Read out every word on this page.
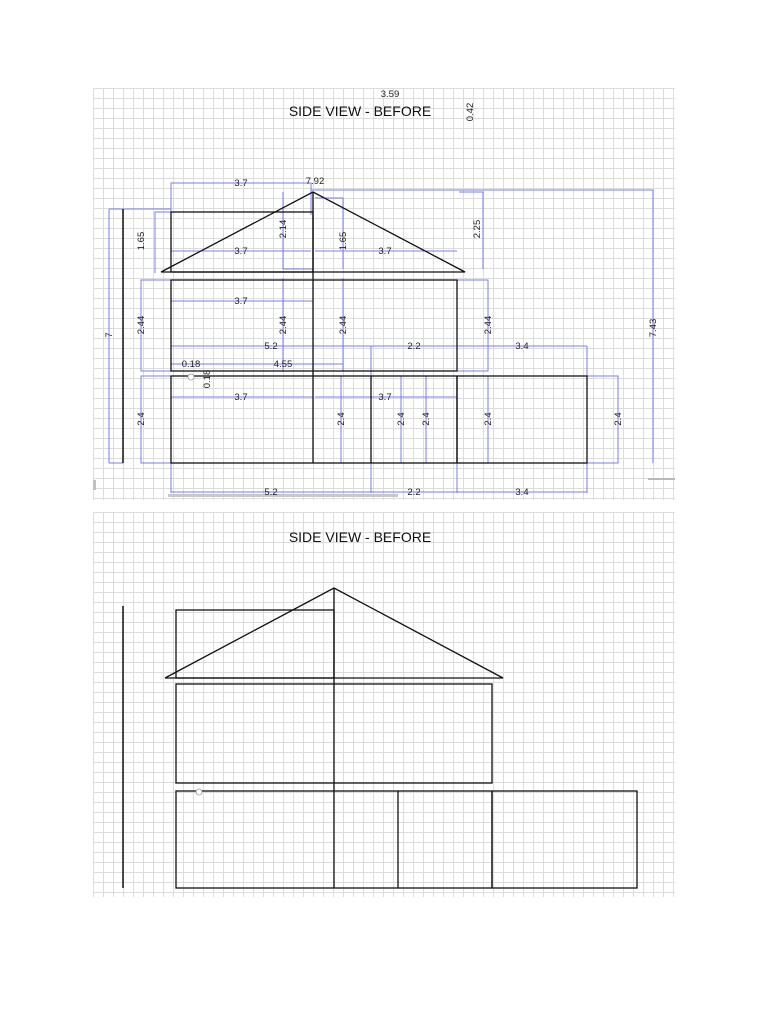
SIDE VIEW - BEFORE
3.59
0.42
3.7	7.92
1.65
2.14
1.65
2.25
3.7	3.7
3.7
7
2.44	2.44	2.44	2.44	7.43
5.2	2.2	3.4
0.18
0.18
4.55
3.7	3.7
2.4	2.4	2.4 2.4	2.4	2.4
5.2	2.2	3.4
SIDE VIEW - BEFORE
